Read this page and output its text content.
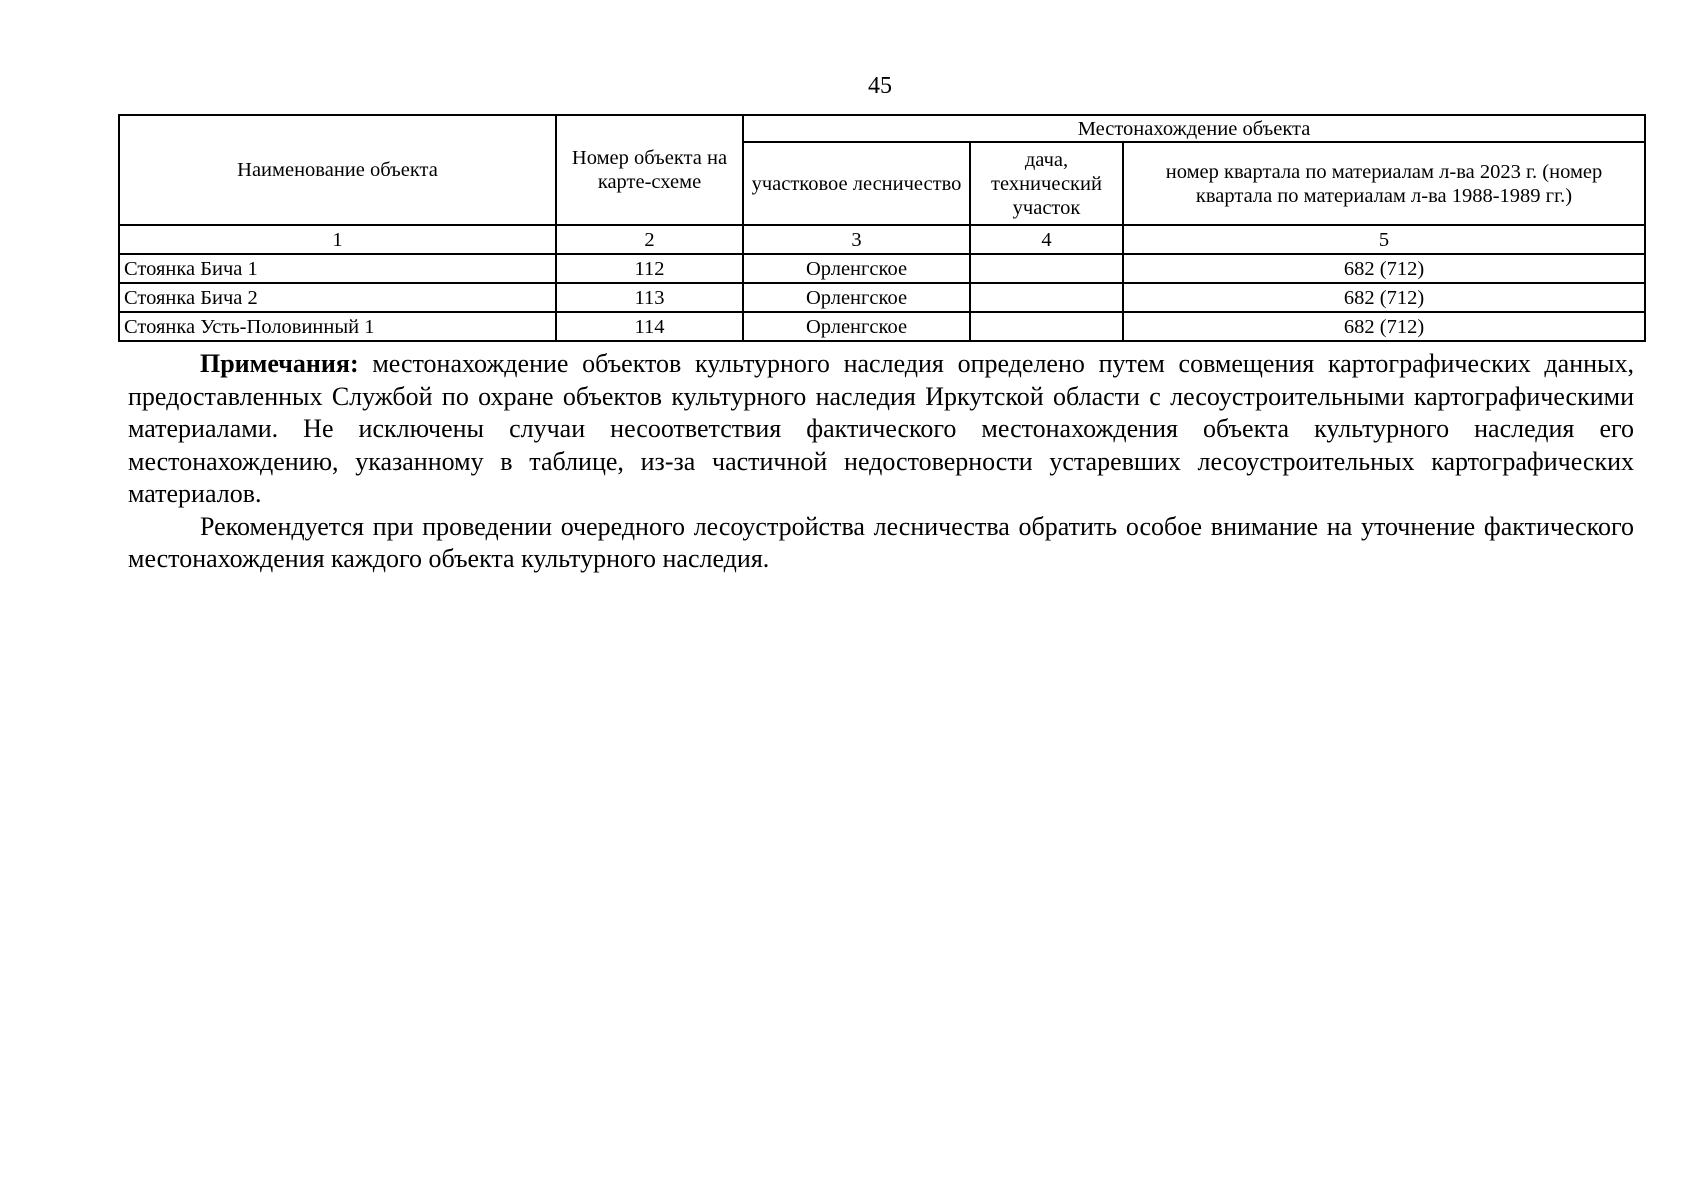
45
Наименование объекта	Номер объекта на карте-схеме	Местонахождение объекта		
		участковое лесничество	дача, технический участок	номер квартала по материалам л-ва 2023 г. (номер квартала по материалам л-ва 1988-1989 гг.)
1	2	3	4	5
Стоянка Бича 1	112	Орленгское		682 (712)
Стоянка Бича 2	113	Орленгское		682 (712)
Стоянка Усть-Половинный 1	114	Орленгское		682 (712)

Примечания: местонахождение объектов культурного наследия определено путем совмещения картографических данных, предоставленных Службой по охране объектов культурного наследия Иркутской области с лесоустроительными картографическими материалами. Не исключены случаи несоответствия фактического местонахождения объекта культурного наследия его местонахождению, указанному в таблице, из-за частичной недостоверности устаревших лесоустроительных картографических материалов.

Рекомендуется при проведении очередного лесоустройства лесничества обратить особое внимание на уточнение фактического местонахождения каждого объекта культурного наследия.
